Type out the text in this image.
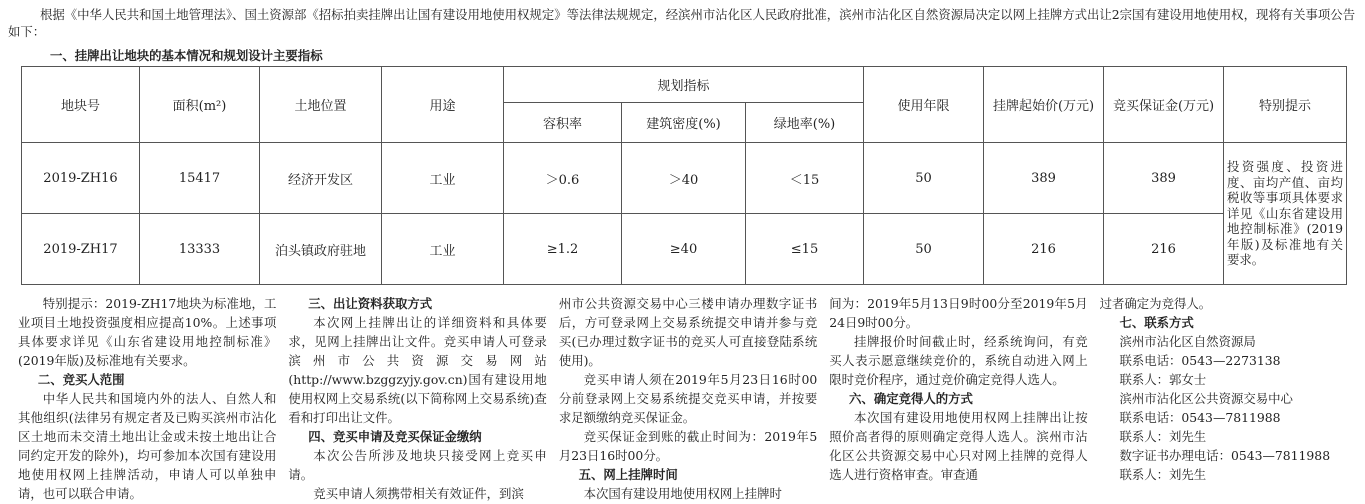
根据《中华人民共和国土地管理法》、国土资源部《招标拍卖挂牌出让国有建设用地使用权规定》等法律法规规定，经滨州市沾化区人民政府批准，滨州市沾化区自然资源局决定以网上挂牌方式出让2宗国有建设用地使用权，现将有关事项公告如下：
一、挂牌出让地块的基本情况和规划设计主要指标
地块号	面积(m²)	土地位置	用途	规划指标			使用年限	挂牌起始价(万元)	竞买保证金(万元)	特别提示
				容积率	建筑密度(%)	绿地率(%)				
2019-ZH16	15417	经济开发区	工业	＞0.6	＞40	＜15	50	389	389	投资强度、投资进度、亩均产值、亩均税收等事项具体要求详见《山东省建设用地控制标准》(2019年版)及标准地有关要求。
2019-ZH17	13333	泊头镇政府驻地	工业	≥1.2	≥40	≤15	50	216	216	

特别提示：2019-ZH17地块为标准地，工业项目土地投资强度相应提高10%。上述事项具体要求详见《山东省建设用地控制标准》(2019年版)及标准地有关要求。

二、竞买人范围

中华人民共和国境内外的法人、自然人和其他组织(法律另有规定者及已购买滨州市沾化区土地而未交清土地出让金或未按土地出让合同约定开发的除外)，均可参加本次国有建设用地使用权网上挂牌活动，申请人可以单独申请，也可以联合申请。

三、出让资料获取方式

本次网上挂牌出让的详细资料和具体要求，见网上挂牌出让文件。竞买申请人可登录滨州市公共资源交易网站(http://www.bzggzyjy.gov.cn)国有建设用地使用权网上交易系统(以下简称网上交易系统)查看和打印出让文件。

四、竞买申请及竞买保证金缴纳

本次公告所涉及地块只接受网上竞买申请。

竞买申请人须携带相关有效证件，到滨

州市公共资源交易中心三楼申请办理数字证书后，方可登录网上交易系统提交申请并参与竞买(已办理过数字证书的竞买人可直接登陆系统使用)。

竞买申请人须在2019年5月23日16时00分前登录网上交易系统提交竞买申请，并按要求足额缴纳竞买保证金。

竞买保证金到账的截止时间为：2019年5月23日16时00分。

五、网上挂牌时间

本次国有建设用地使用权网上挂牌时

间为：2019年5月13日9时00分至2019年5月24日9时00分。

挂牌报价时间截止时，经系统询问，有竞买人表示愿意继续竞价的，系统自动进入网上限时竞价程序，通过竞价确定竞得人选人。

六、确定竞得人的方式

本次国有建设用地使用权网上挂牌出让按照价高者得的原则确定竞得人选人。滨州市沾化区公共资源交易中心只对网上挂牌的竞得人选人进行资格审查。审查通

过者确定为竞得人。

七、联系方式

滨州市沾化区自然资源局

联系电话：0543—2273138

联系人：郭女士

滨州市沾化区公共资源交易中心

联系电话：0543—7811988

联系人：刘先生

数字证书办理电话：0543—7811988

联系人：刘先生
